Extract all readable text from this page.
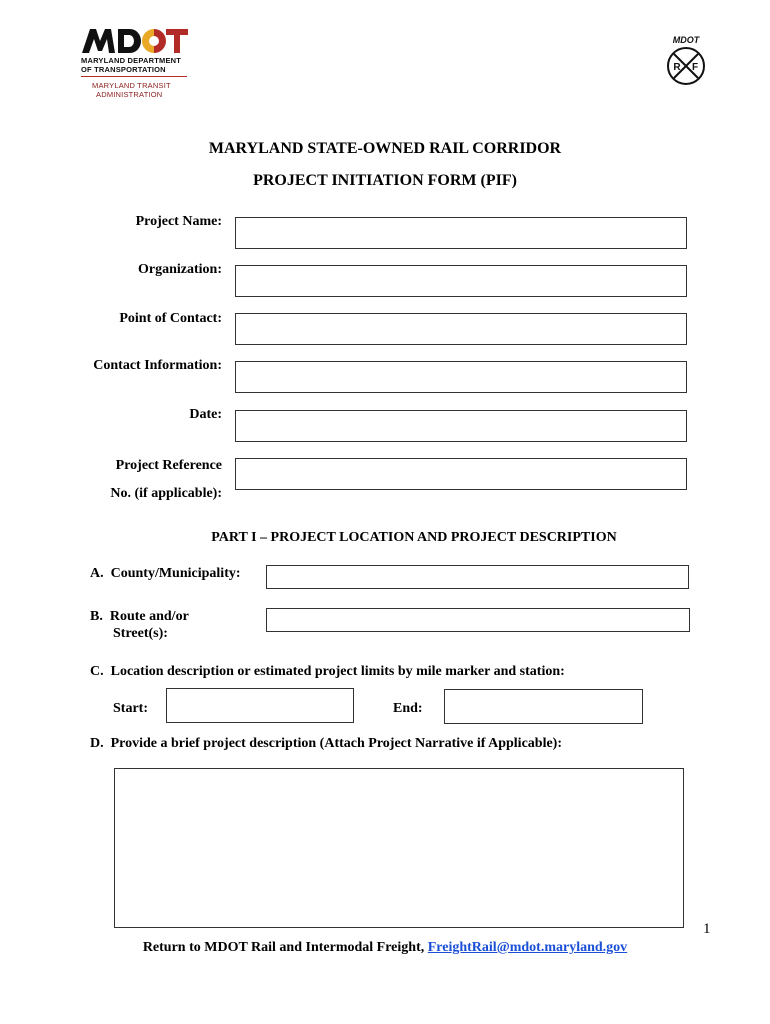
MARYLAND DEPARTMENT
OF TRANSPORTATION
MARYLAND TRANSIT
ADMINISTRATION
MDOT
R F
MARYLAND STATE-OWNED RAIL CORRIDOR
PROJECT INITIATION FORM (PIF)
Project Name:
Organization:
Point of Contact:
Contact Information:
Date:
Project Reference
No. (if applicable):
PART I – PROJECT LOCATION AND PROJECT DESCRIPTION
A.  County/Municipality:
B.  Route and/or
Street(s):
C.  Location description or estimated project limits by mile marker and station:
Start:	End:
D.  Provide a brief project description (Attach Project Narrative if Applicable):
1
Return to MDOT Rail and Intermodal Freight, FreightRail@mdot.maryland.gov
